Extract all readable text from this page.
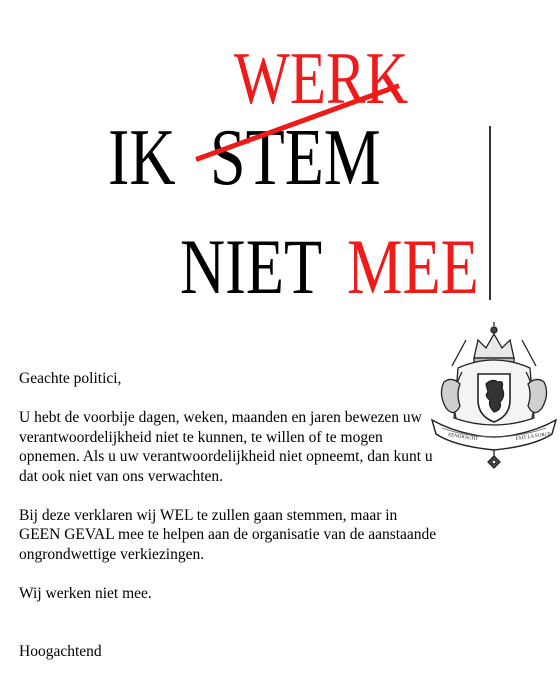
WERK
IK STEM
NIET MEE
EENDRACHT	FAIT LA FORCE

Geachte politici,

U hebt de voorbije dagen, weken, maanden en jaren bewezen uw verantwoordelijkheid niet te kunnen, te willen of te mogen opnemen. Als u uw verantwoordelijkheid niet opneemt, dan kunt u dat ook niet van ons verwachten.

Bij deze verklaren wij WEL te zullen gaan stemmen, maar in GEEN GEVAL mee te helpen aan de organisatie van de aanstaande ongrondwettige verkiezingen.

Wij werken niet mee.

Hoogachtend
